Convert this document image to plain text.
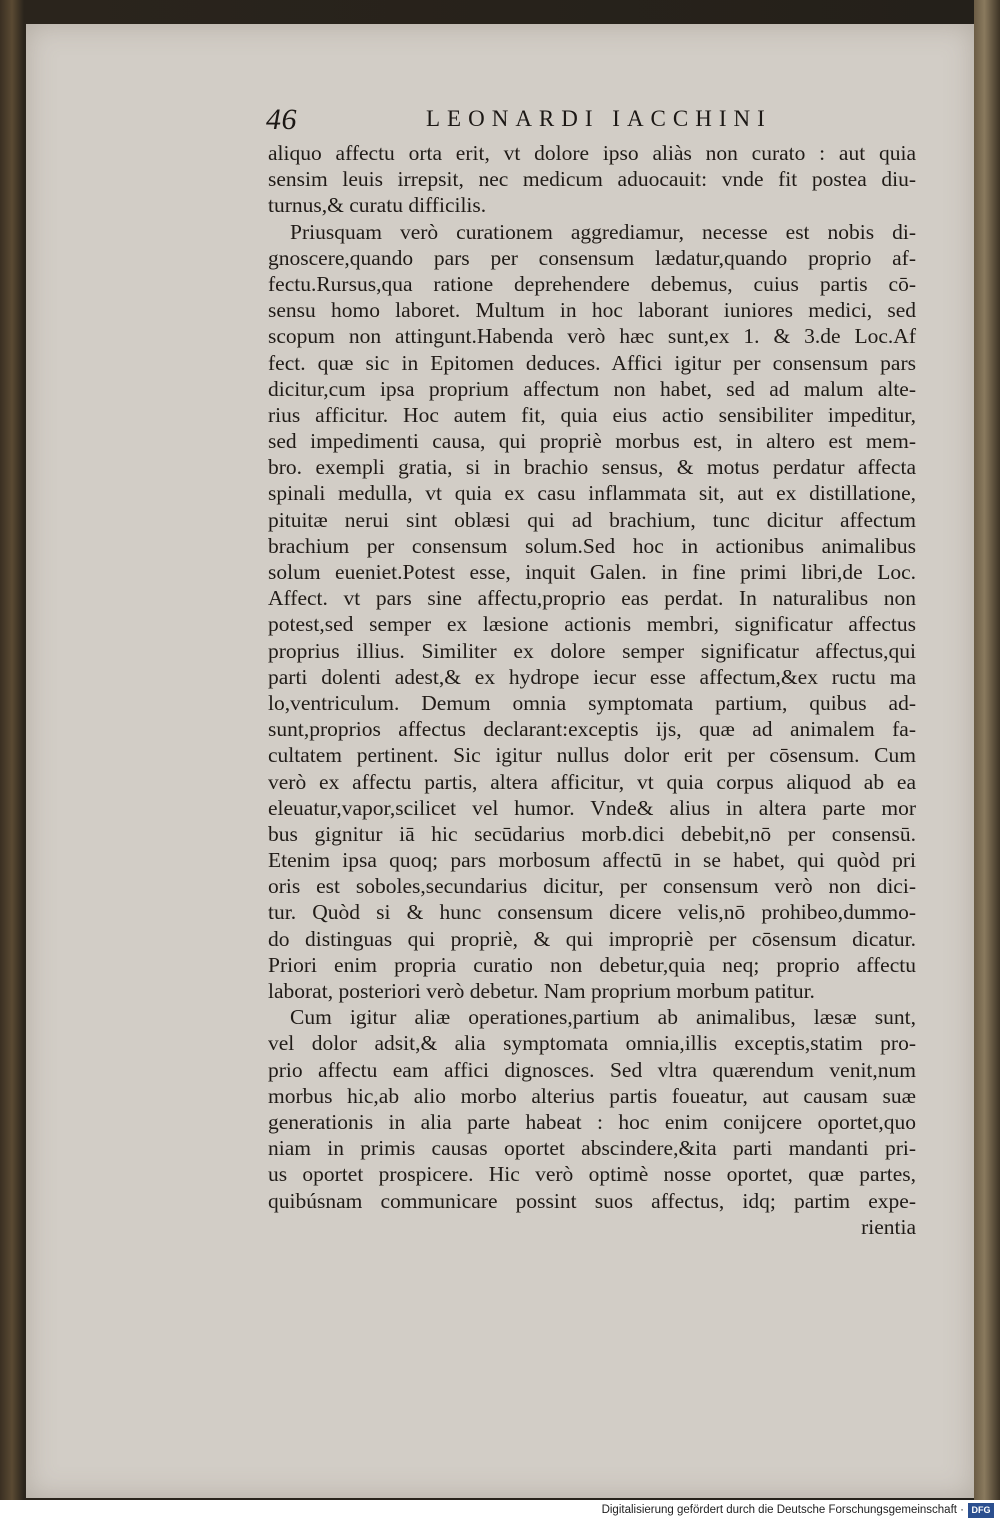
46	LEONARDI IACCHINI
aliquo affectu orta erit, vt dolore ipso aliàs non curato : aut quia
sensim leuis irrepsit, nec medicum aduocauit: vnde fit postea diu-
turnus,& curatu difficilis.
Priusquam verò curationem aggrediamur, necesse est nobis di-
gnoscere,quando pars per consensum lædatur,quando proprio af-
fectu.Rursus,qua ratione deprehendere debemus, cuius partis cō-
sensu homo laboret. Multum in hoc laborant iuniores medici, sed
scopum non attingunt.Habenda verò hæc sunt,ex 1. & 3.de Loc.Af
fect. quæ sic in Epitomen deduces. Affici igitur per consensum pars
dicitur,cum ipsa proprium affectum non habet, sed ad malum alte-
rius afficitur. Hoc autem fit, quia eius actio sensibiliter impeditur,
sed impedimenti causa, qui propriè morbus est, in altero est mem-
bro. exempli gratia, si in brachio sensus, & motus perdatur affecta
spinali medulla, vt quia ex casu inflammata sit, aut ex distillatione,
pituitæ nerui sint oblæsi qui ad brachium, tunc dicitur affectum
brachium per consensum solum.Sed hoc in actionibus animalibus
solum eueniet.Potest esse, inquit Galen. in fine primi libri,de Loc.
Affect. vt pars sine affectu,proprio eas perdat. In naturalibus non
potest,sed semper ex læsione actionis membri, significatur affectus
proprius illius. Similiter ex dolore semper significatur affectus,qui
parti dolenti adest,& ex hydrope iecur esse affectum,&ex ructu ma
lo,ventriculum. Demum omnia symptomata partium, quibus ad-
sunt,proprios affectus declarant:exceptis ijs, quæ ad animalem fa-
cultatem pertinent. Sic igitur nullus dolor erit per cōsensum. Cum
verò ex affectu partis, altera afficitur, vt quia corpus aliquod ab ea
eleuatur,vapor,scilicet vel humor. Vnde& alius in altera parte mor
bus gignitur iā hic secūdarius morb.dici debebit,nō per consensū.
Etenim ipsa quoq; pars morbosum affectū in se habet, qui quòd pri
oris est soboles,secundarius dicitur, per consensum verò non dici-
tur. Quòd si & hunc consensum dicere velis,nō prohibeo,dummo-
do distinguas qui propriè, & qui impropriè per cōsensum dicatur.
Priori enim propria curatio non debetur,quia neq; proprio affectu
laborat, posteriori verò debetur. Nam proprium morbum patitur.
Cum igitur aliæ operationes,partium ab animalibus, læsæ sunt,
vel dolor adsit,& alia symptomata omnia,illis exceptis,statim pro-
prio affectu eam affici dignosces. Sed vltra quærendum venit,num
morbus hic,ab alio morbo alterius partis foueatur, aut causam suæ
generationis in alia parte habeat : hoc enim conijcere oportet,quo
niam in primis causas oportet abscindere,&ita parti mandanti pri-
us oportet prospicere. Hic verò optimè nosse oportet, quæ partes,
quibúsnam communicare possint suos affectus, idq; partim expe-
rientia
Digitalisierung gefördert durch die Deutsche Forschungsgemeinschaft · DFG
